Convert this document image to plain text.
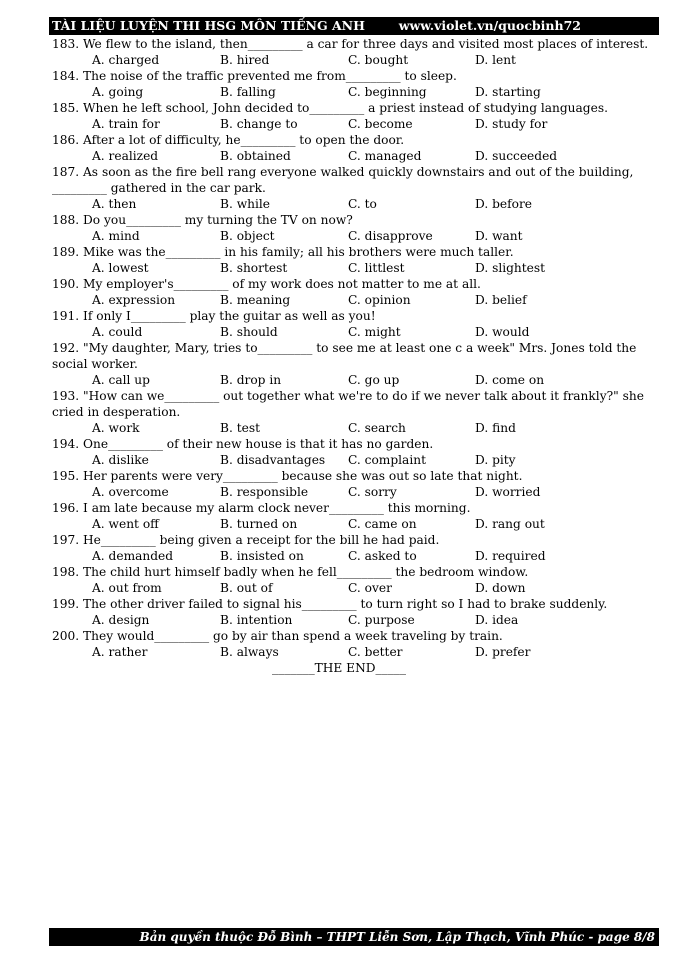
TÀI LIỆU LUYỆN THI HSG MÔN TIẾNG ANH	www.violet.vn/quocbinh72
183. We flew to the island, then_________ a car for three days and visited most places of interest.
A. charged	B. hired	C. bought	D. lent
184. The noise of the traffic prevented me from_________ to sleep.
A. going	B. falling	C. beginning	D. starting
185. When he left school, John decided to_________ a priest instead of studying languages.
A. train for	B. change to	C. become	D. study for
186. After a lot of difficulty, he_________ to open the door.
A. realized	B. obtained	C. managed	D. succeeded
187. As soon as the fire bell rang everyone walked quickly downstairs and out of the building, _________ gathered in the car park.
A. then	B. while	C. to	D. before
188. Do you_________ my turning the TV on now?
A. mind	B. object	C. disapprove	D. want
189. Mike was the_________ in his family; all his brothers were much taller.
A. lowest	B. shortest	C. littlest	D. slightest
190. My employer's_________ of my work does not matter to me at all.
A. expression	B. meaning	C. opinion	D. belief
191. If only I_________ play the guitar as well as you!
A. could	B. should	C. might	D. would
192. "My daughter, Mary, tries to_________ to see me at least one c a week" Mrs. Jones told the social worker.
A. call up	B. drop in	C. go up	D. come on
193. "How can we_________ out together what we're to do if we never talk about it frankly?" she cried in desperation.
A. work	B. test	C. search	D. find
194. One_________ of their new house is that it has no garden.
A. dislike	B. disadvantages C. complaint	D. pity
195. Her parents were very_________ because she was out so late that night.
A. overcome	B. responsible	C. sorry	D. worried
196. I am late because my alarm clock never_________ this morning.
A. went off	B. turned on	C. came on	D. rang out
197. He_________ being given a receipt for the bill he had paid.
A. demanded	B. insisted on	C. asked to	D. required
198. The child hurt himself badly when he fell_________ the bedroom window.
A. out from	B. out of	C. over	D. down
199. The other driver failed to signal his_________ to turn right so I had to brake suddenly.
A. design	B. intention	C. purpose	D. idea
200. They would_________ go by air than spend a week traveling by train.
A. rather	B. always	C. better	D. prefer
_______THE END_____
Bản quyền thuộc Đỗ Bình – THPT Liễn Sơn, Lập Thạch, Vĩnh Phúc - page 8/8
